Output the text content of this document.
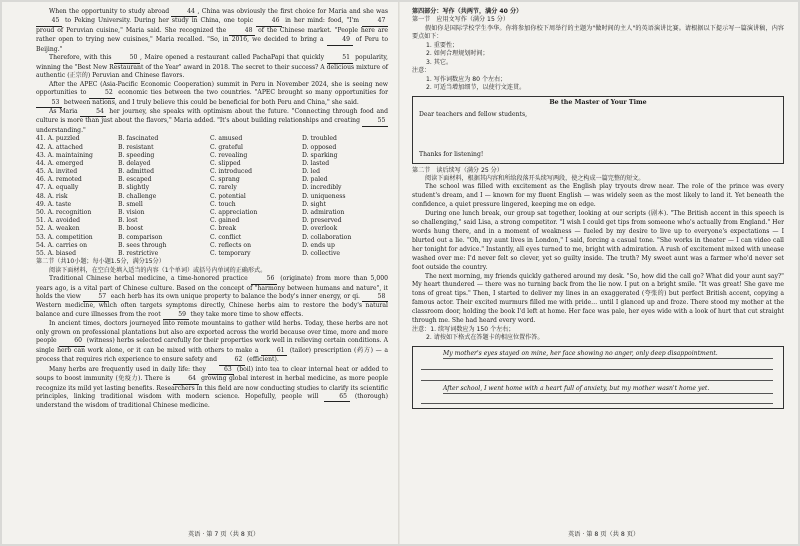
When the opportunity to study abroad	44 , China was obviously the first choice for Maria and she was 45 to Peking University. During her study in China, one topic	46 in her mind: food, "I'm	47 proud of Peruvian cuisine," Maria said. She recognized the	48 of the Chinese market. "People here are rather open to trying new cuisines," Maria recalled. "So, in 2016, we decided to bring a	49 of Peru to Beijing."

Therefore, with this	50 , Maire opened a restaurant called PachaPapi that quickly	51 popularity, winning the "Best New Restaurant of the Year" award in 2018. The secret to their success? A delicious mixture of authentic (正宗的) Peruvian and Chinese flavors.

After the APEC (Asia-Pacific Economic Cooperation) summit in Peru in November 2024, she is seeing new opportunities to	52 economic ties between the two countries. "APEC brought so many opportunities for 53 between nations, and I truly believe this could be beneficial for both Peru and China," she said.

As Maria	54 her journey, she speaks with optimism about the future. "Connecting through food and culture is more than just about the flavors," Maria added. "It's about building relationships and creating	55 understanding."

41. A. puzzled	B. fascinated	C. amused	D. troubled
42. A. attached	B. resistant	C. grateful	D. opposed
43. A. maintaining	B. speeding	C. revealing	D. sparking
44. A. emerged	B. delayed	C. slipped	D. lasted
45. A. invited	B. admitted	C. introduced	D. led
46. A. remoted	B. escaped	C. sprang	D. paled
47. A. equally	B. slightly	C. rarely	D. incredibly
48. A. risk	B. challenge	C. potential	D. uniqueness
49. A. taste	B. smell	C. touch	D. sight
50. A. recognition	B. vision	C. appreciation	D. admiration
51. A. avoided	B. lost	C. gained	D. preserved
52. A. weaken	B. boost	C. break	D. overlook
53. A. competition	B. comparison	C. conflict	D. collaboration
54. A. carries on	B. sees through	C. reflects on	D. ends up
55. A. biased	B. restrictive	C. temporary	D. collective

第二节（共10小题；每小题1.5分，满分15分）

阅读下面材料，在空白处填入适当的内容（1个单词）或括号内单词的正确形式。

Traditional Chinese herbal medicine, a time-honored practice	56 (originate) from more than 5,000 years ago, is a vital part of Chinese culture. Based on the concept of "harmony between humans and nature", it holds the view	57 each herb has its own unique property to balance the body's inner energy, or qi.	58 Western medicine, which often targets symptoms directly, Chinese herbs aim to restore the body's natural balance and cure illnesses from the root	59 they take more time to show effects.

In ancient times, doctors journeyed into remote mountains to gather wild herbs. Today, these herbs are not only grown on professional plantations but also are exported across the world because over time, more and more people	60 (witness) herbs selected carefully for their properties work well in relieving certain conditions. A single herb can work alone, or it can be mixed with others to make a	61 (tailor) prescription (药方) — a process that requires rich experience to ensure safety and	62 (efficient).

Many herbs are frequently used in daily life: they	63 (boil) into tea to clear internal heat or added to soups to boost immunity (免疫力). There is	64 growing global interest in herbal medicine, as more people recognize its mild yet lasting benefits. Researchers in this field are now conducting studies to clarify its scientific principles, linking traditional wisdom with modern science. Hopefully, people will	65 (thorough) understand the wisdom of traditional Chinese medicine.

英语 · 第 7 页（共 8 页）

第四部分：写作（共两节，满分 40 分）

第一节　应用文写作（满分 15 分）

假如你是国际学校学生李华。你将参加你校下周举行的主题为"做时间的主人"的英语演讲比赛。请根据以下提示写一篇演讲稿，内容要点如下：

1. 重要性；

2. 如何合理规划时间；

3. 其它。

注意：

1. 写作词数应为 80 个左右；

2. 可适当增加细节，以使行文连贯。

Be the Master of Your Time
Dear teachers and fellow students,
Thanks for listening!

第二节　读后续写（满分 25 分）

阅读下面材料，根据其内容和所给段落开头续写两段，使之构成一篇完整的短文。

The school was filled with excitement as the English play tryouts drew near. The role of the prince was every student's dream, and I — known for my fluent English — was widely seen as the most likely to land it. Yet beneath the confidence, a quiet pressure lingered, keeping me on edge.

During one lunch break, our group sat together, looking at our scripts (剧本). "The British accent in this speech is so challenging," said Lisa, a strong competitor. "I wish I could get tips from someone who's actually from England." Her words hung there, and in a moment of weakness — fueled by my desire to live up to everyone's expectations — I blurted out a lie. "Oh, my aunt lives in London," I said, forcing a casual tone. "She works in theater — I can video call her tonight for advice." Instantly, all eyes turned to me, bright with admiration. A rush of excitement mixed with unease washed over me: I'd never felt so clever, yet so guilty inside. The truth? My sweet aunt was a farmer who'd never set foot outside the country.

The next morning, my friends quickly gathered around my desk. "So, how did the call go? What did your aunt say?" My heart thundered — there was no turning back from the lie now. I put on a bright smile. "It was great! She gave me tons of great tips." Then, I started to deliver my lines in an exaggerated (夸张的) but perfect British accent, copying a famous actor. Their excited murmurs filled me with pride… until I glanced up and froze. There stood my mother at the classroom door, holding the book I'd left at home. Her face was pale, her eyes wide with a look of hurt that cut straight through me. She had heard every word.

注意：1. 续写词数应为 150 个左右；

2. 请按如下格式在答题卡的相应位置作答。

My mother's eyes stayed on mine, her face showing no anger, only deep disappointment.
After school, I went home with a heart full of anxiety, but my mother wasn't home yet.
英语 · 第 8 页（共 8 页）
